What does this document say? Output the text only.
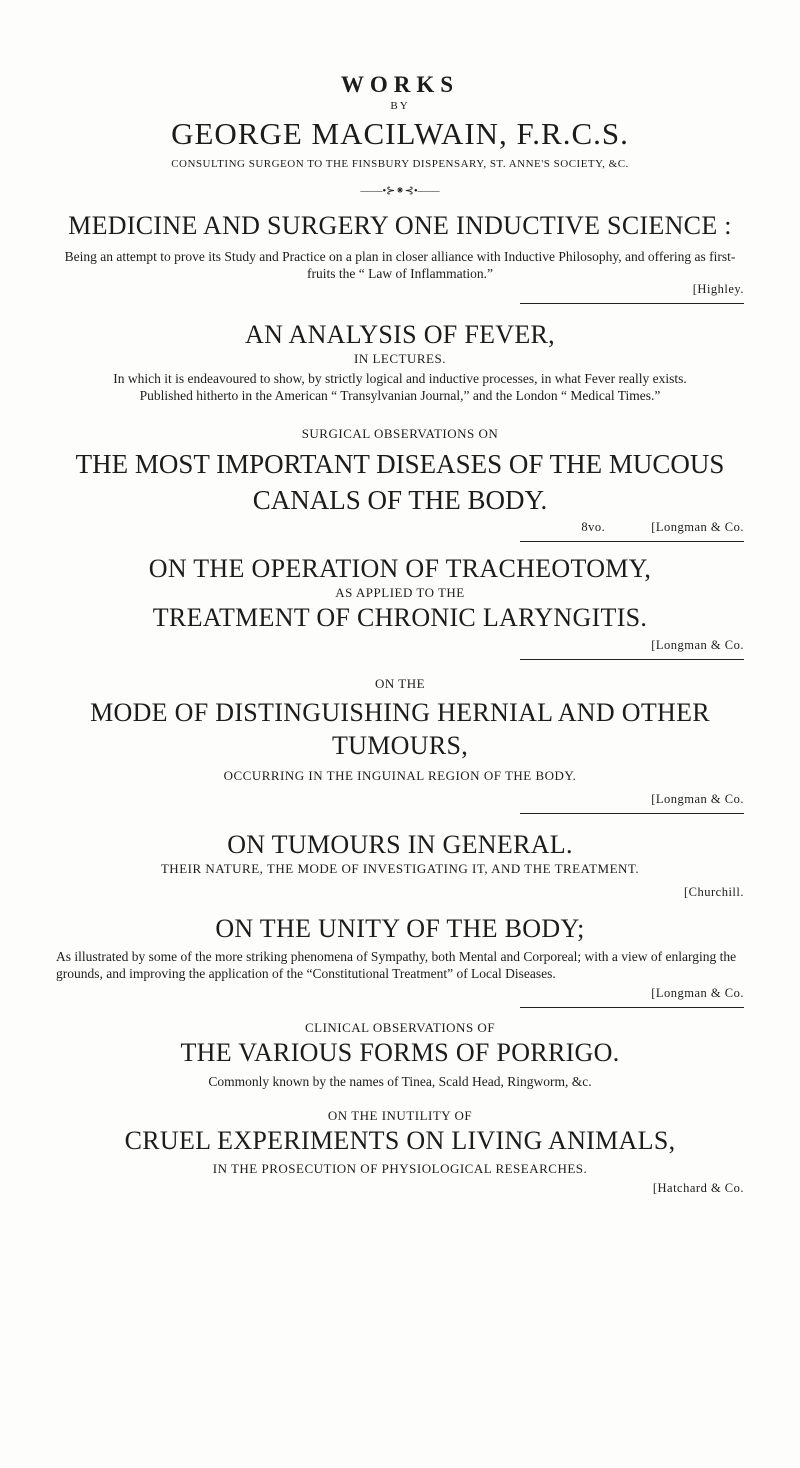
WORKS
BY
GEORGE MACILWAIN, F.R.C.S.
CONSULTING SURGEON TO THE FINSBURY DISPENSARY, ST. ANNE'S SOCIETY, &C.
——•⊱⁕⊰•——
MEDICINE AND SURGERY ONE INDUCTIVE SCIENCE :
Being an attempt to prove its Study and Practice on a plan in closer alliance with Inductive Philosophy, and offering as first-fruits the “ Law of Inflammation.”
[Highley.
AN ANALYSIS OF FEVER,
IN LECTURES.
In which it is endeavoured to show, by strictly logical and inductive processes, in what Fever really exists.
Published hitherto in the American “ Transylvanian Journal,” and the London “ Medical Times.”
SURGICAL OBSERVATIONS ON
THE MOST IMPORTANT DISEASES OF THE MUCOUS CANALS OF THE BODY.
8vo.	[Longman & Co.
ON THE OPERATION OF TRACHEOTOMY,
AS APPLIED TO THE
TREATMENT OF CHRONIC LARYNGITIS.
[Longman & Co.
ON THE
MODE OF DISTINGUISHING HERNIAL AND OTHER TUMOURS,
OCCURRING IN THE INGUINAL REGION OF THE BODY.
[Longman & Co.
ON TUMOURS IN GENERAL.
THEIR NATURE, THE MODE OF INVESTIGATING IT, AND THE TREATMENT.
[Churchill.
ON THE UNITY OF THE BODY;
As illustrated by some of the more striking phenomena of Sympathy, both Mental and Corporeal; with a view of enlarging the grounds, and improving the application of the “Constitutional Treatment” of Local Diseases.
[Longman & Co.
CLINICAL OBSERVATIONS OF
THE VARIOUS FORMS OF PORRIGO.
Commonly known by the names of Tinea, Scald Head, Ringworm, &c.
ON THE INUTILITY OF
CRUEL EXPERIMENTS ON LIVING ANIMALS,
IN THE PROSECUTION OF PHYSIOLOGICAL RESEARCHES.
[Hatchard & Co.
